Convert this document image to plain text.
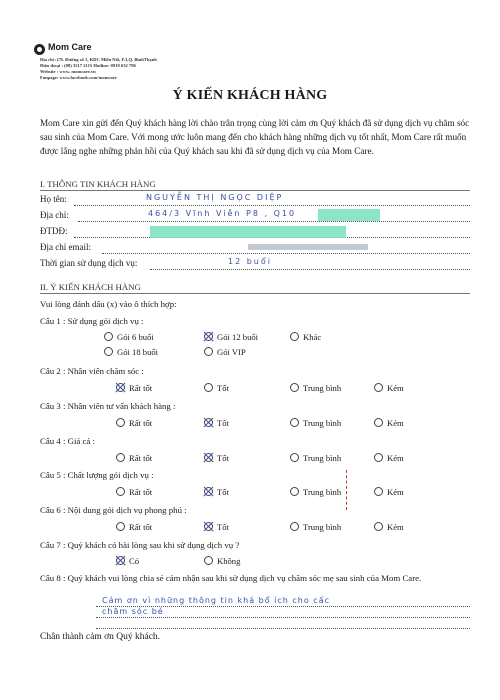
Mom Care
Địa chỉ :17L Đường số 1, KDC Miếu Nổi, F.3,Q. BìnhThạnh
Điện thoại : (08) 3517 2115 Hotline: 0919 632 796
Website : www. momcare.vn
Fanpage: www.facebook.com/momcare
Ý KIẾN KHÁCH HÀNG
Mom Care xin gửi đến Quý khách hàng lời chào trân trọng cùng lời cảm ơn Quý khách đã sử dụng dịch vụ chăm sóc sau sinh của Mom Care. Với mong ước luôn mang đến cho khách hàng những dịch vụ tốt nhất, Mom Care rất muốn được lắng nghe những phản hồi của Quý khách sau khi đã sử dụng dịch vụ của Mom Care.
I. THÔNG TIN KHÁCH HÀNG
Họ tên:	NGUYỄN THỊ NGỌC DIỆP
Địa chỉ:	464/3 Vĩnh Viễn P8 , Q10
ĐTDĐ:
Địa chỉ email:
Thời gian sử dụng dịch vụ:	12 buổi
II. Ý KIẾN KHÁCH HÀNG
Vui lòng đánh dấu (x) vào ô thích hợp:
Câu 1 : Sử dụng gói dịch vụ :
Gói 6 buổi	Gói 12 buổi	Khác
Gói 18 buổi	Gói VIP
Câu 2 : Nhân viên chăm sóc :
Rất tốt	Tốt	Trung bình	Kém
Câu 3 : Nhân viên tư vấn khách hàng :
Rất tốt	Tốt	Trung bình	Kém
Câu 4 : Giá cả :
Rất tốt	Tốt	Trung bình	Kém
Câu 5 : Chất lượng gói dịch vụ :
Rất tốt	Tốt	Trung bình	Kém
Câu 6 : Nội dung gói dịch vụ phong phú :
Rất tốt	Tốt	Trung bình	Kém
Câu 7 : Quý khách có hài lòng sau khi sử dụng dịch vụ ?
Có	Không
Câu 8 : Quý khách vui lòng chia sẻ cảm nhận sau khi sử dụng dịch vụ chăm sóc mẹ sau sinh của Mom Care.
Cảm ơn vì những thông tin khá bổ ích cho cấc
chăm sóc bé
Chân thành cảm ơn Quý khách.
